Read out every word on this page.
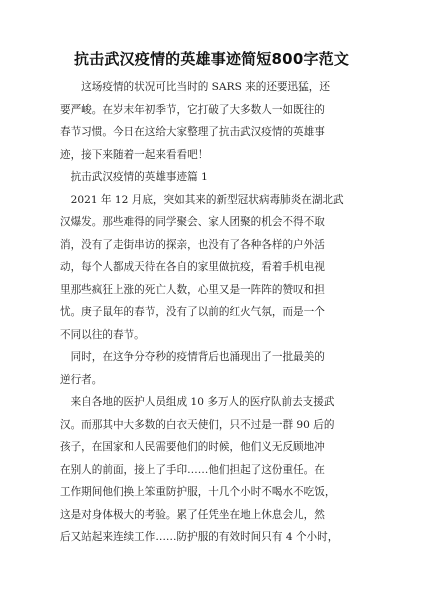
抗击武汉疫情的英雄事迹简短800字范文
　　这场疫情的状况可比当时的 SARS 来的还要迅猛，还
要严峻。在岁末年初季节，它打破了大多数人一如既往的
春节习惯。今日在这给大家整理了抗击武汉疫情的英雄事
迹，接下来随着一起来看看吧！
　抗击武汉疫情的英雄事迹篇 1
　2021 年 12 月底，突如其来的新型冠状病毒肺炎在湖北武
汉爆发。那些难得的同学聚会、家人团聚的机会不得不取
消，没有了走街串访的探亲，也没有了各种各样的户外活
动，每个人都成天待在各自的家里做抗疫，看着手机电视
里那些疯狂上涨的死亡人数，心里又是一阵阵的赞叹和担
忧。庚子鼠年的春节，没有了以前的红火气氛，而是一个
不同以往的春节。
　同时，在这争分夺秒的疫情背后也涌现出了一批最美的
逆行者。
　来自各地的医护人员组成 10 多万人的医疗队前去支援武
汉。而那其中大多数的白衣天使们，只不过是一群 90 后的
孩子，在国家和人民需要他们的时候，他们义无反顾地冲
在别人的前面，接上了手印……他们担起了这份重任。在
工作期间他们换上笨重防护服，十几个小时不喝水不吃饭，
这是对身体极大的考验。累了任凭坐在地上休息会儿，然
后又站起来连续工作……防护服的有效时间只有 4 个小时，
